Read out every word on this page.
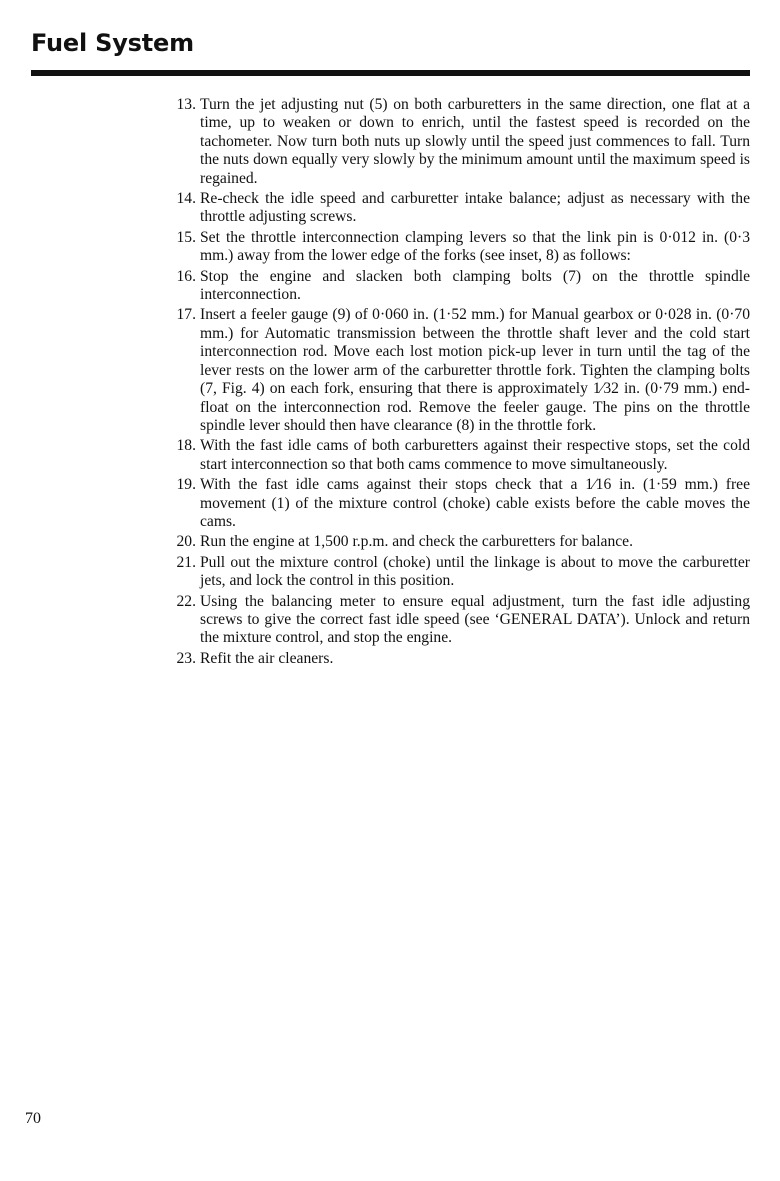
Fuel System
13. Turn the jet adjusting nut (5) on both carburetters in the same direction, one flat at a time, up to weaken or down to enrich, until the fastest speed is recorded on the tachometer. Now turn both nuts up slowly until the speed just commences to fall. Turn the nuts down equally very slowly by the minimum amount until the maximum speed is regained.
14. Re-check the idle speed and carburetter intake balance; adjust as necessary with the throttle adjusting screws.
15. Set the throttle interconnection clamping levers so that the link pin is 0·012 in. (0·3 mm.) away from the lower edge of the forks (see inset, 8) as follows:
16. Stop the engine and slacken both clamping bolts (7) on the throttle spindle interconnection.
17. Insert a feeler gauge (9) of 0·060 in. (1·52 mm.) for Manual gearbox or 0·028 in. (0·70 mm.) for Automatic transmission between the throttle shaft lever and the cold start interconnection rod. Move each lost motion pick-up lever in turn until the tag of the lever rests on the lower arm of the carburetter throttle fork. Tighten the clamping bolts (7, Fig. 4) on each fork, ensuring that there is approximately 1⁄32 in. (0·79 mm.) end-float on the interconnection rod. Remove the feeler gauge. The pins on the throttle spindle lever should then have clearance (8) in the throttle fork.
18. With the fast idle cams of both carburetters against their respective stops, set the cold start interconnection so that both cams commence to move simultaneously.
19. With the fast idle cams against their stops check that a 1⁄16 in. (1·59 mm.) free movement (1) of the mixture control (choke) cable exists before the cable moves the cams.
20. Run the engine at 1,500 r.p.m. and check the carburetters for balance.
21. Pull out the mixture control (choke) until the linkage is about to move the carburetter jets, and lock the control in this position.
22. Using the balancing meter to ensure equal adjustment, turn the fast idle adjusting screws to give the correct fast idle speed (see ‘GENERAL DATA’). Unlock and return the mixture control, and stop the engine.
23. Refit the air cleaners.
70
